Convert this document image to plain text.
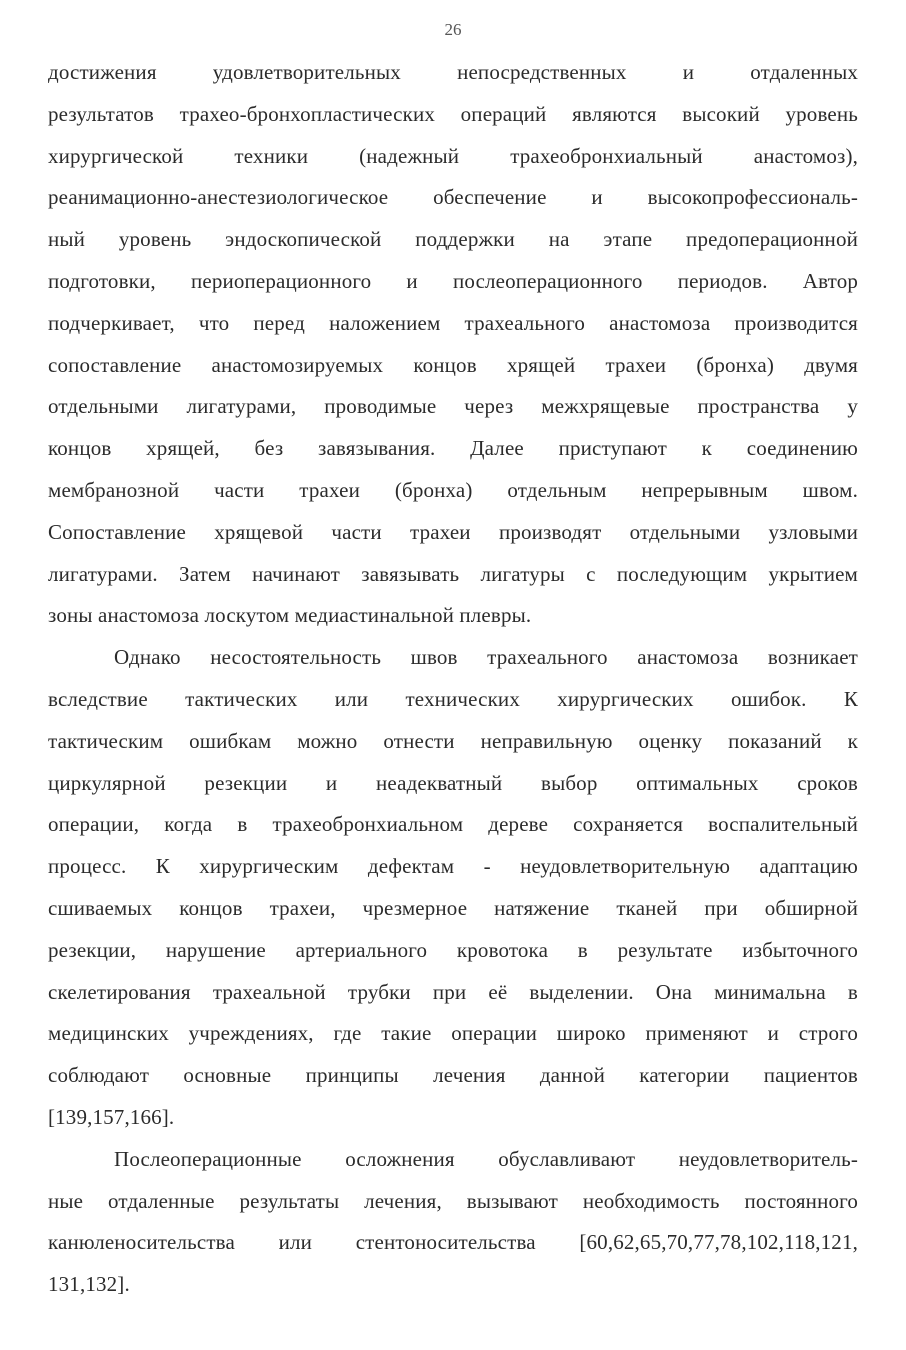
26

достижения удовлетворительных непосредственных и отдаленных
результатов трахео-бронхопластических операций являются высокий уровень
хирургической техники (надежный трахеобронхиальный анастомоз),
реанимационно-анестезиологическое обеспечение и высокопрофессиональ-
ный уровень эндоскопической поддержки на этапе предоперационной
подготовки, периоперационного и послеоперационного периодов. Автор
подчеркивает, что перед наложением трахеального анастомоза производится
сопоставление анастомозируемых концов хрящей трахеи (бронха) двумя
отдельными лигатурами, проводимые через межхрящевые пространства у
концов хрящей, без завязывания. Далее приступают к соединению
мембранозной части трахеи (бронха) отдельным непрерывным швом.
Сопоставление хрящевой части трахеи производят отдельными узловыми
лигатурами. Затем начинают завязывать лигатуры с последующим укрытием
зоны анастомоза лоскутом медиастинальной плевры.

Однако несостоятельность швов трахеального анастомоза возникает
вследствие тактических или технических хирургических ошибок. К
тактическим ошибкам можно отнести неправильную оценку показаний к
циркулярной резекции и неадекватный выбор оптимальных сроков
операции, когда в трахеобронхиальном дереве сохраняется воспалительный
процесс. К хирургическим дефектам - неудовлетворительную адаптацию
сшиваемых концов трахеи, чрезмерное натяжение тканей при обширной
резекции, нарушение артериального кровотока в результате избыточного
скелетирования трахеальной трубки при её выделении. Она минимальна в
медицинских учреждениях, где такие операции широко применяют и строго
соблюдают основные принципы лечения данной категории пациентов
[139,157,166].

Послеоперационные осложнения обуславливают неудовлетворитель-
ные отдаленные результаты лечения, вызывают необходимость постоянного
канюленосительства или стентоносительства [60,62,65,70,77,78,102,118,121,
131,132].
